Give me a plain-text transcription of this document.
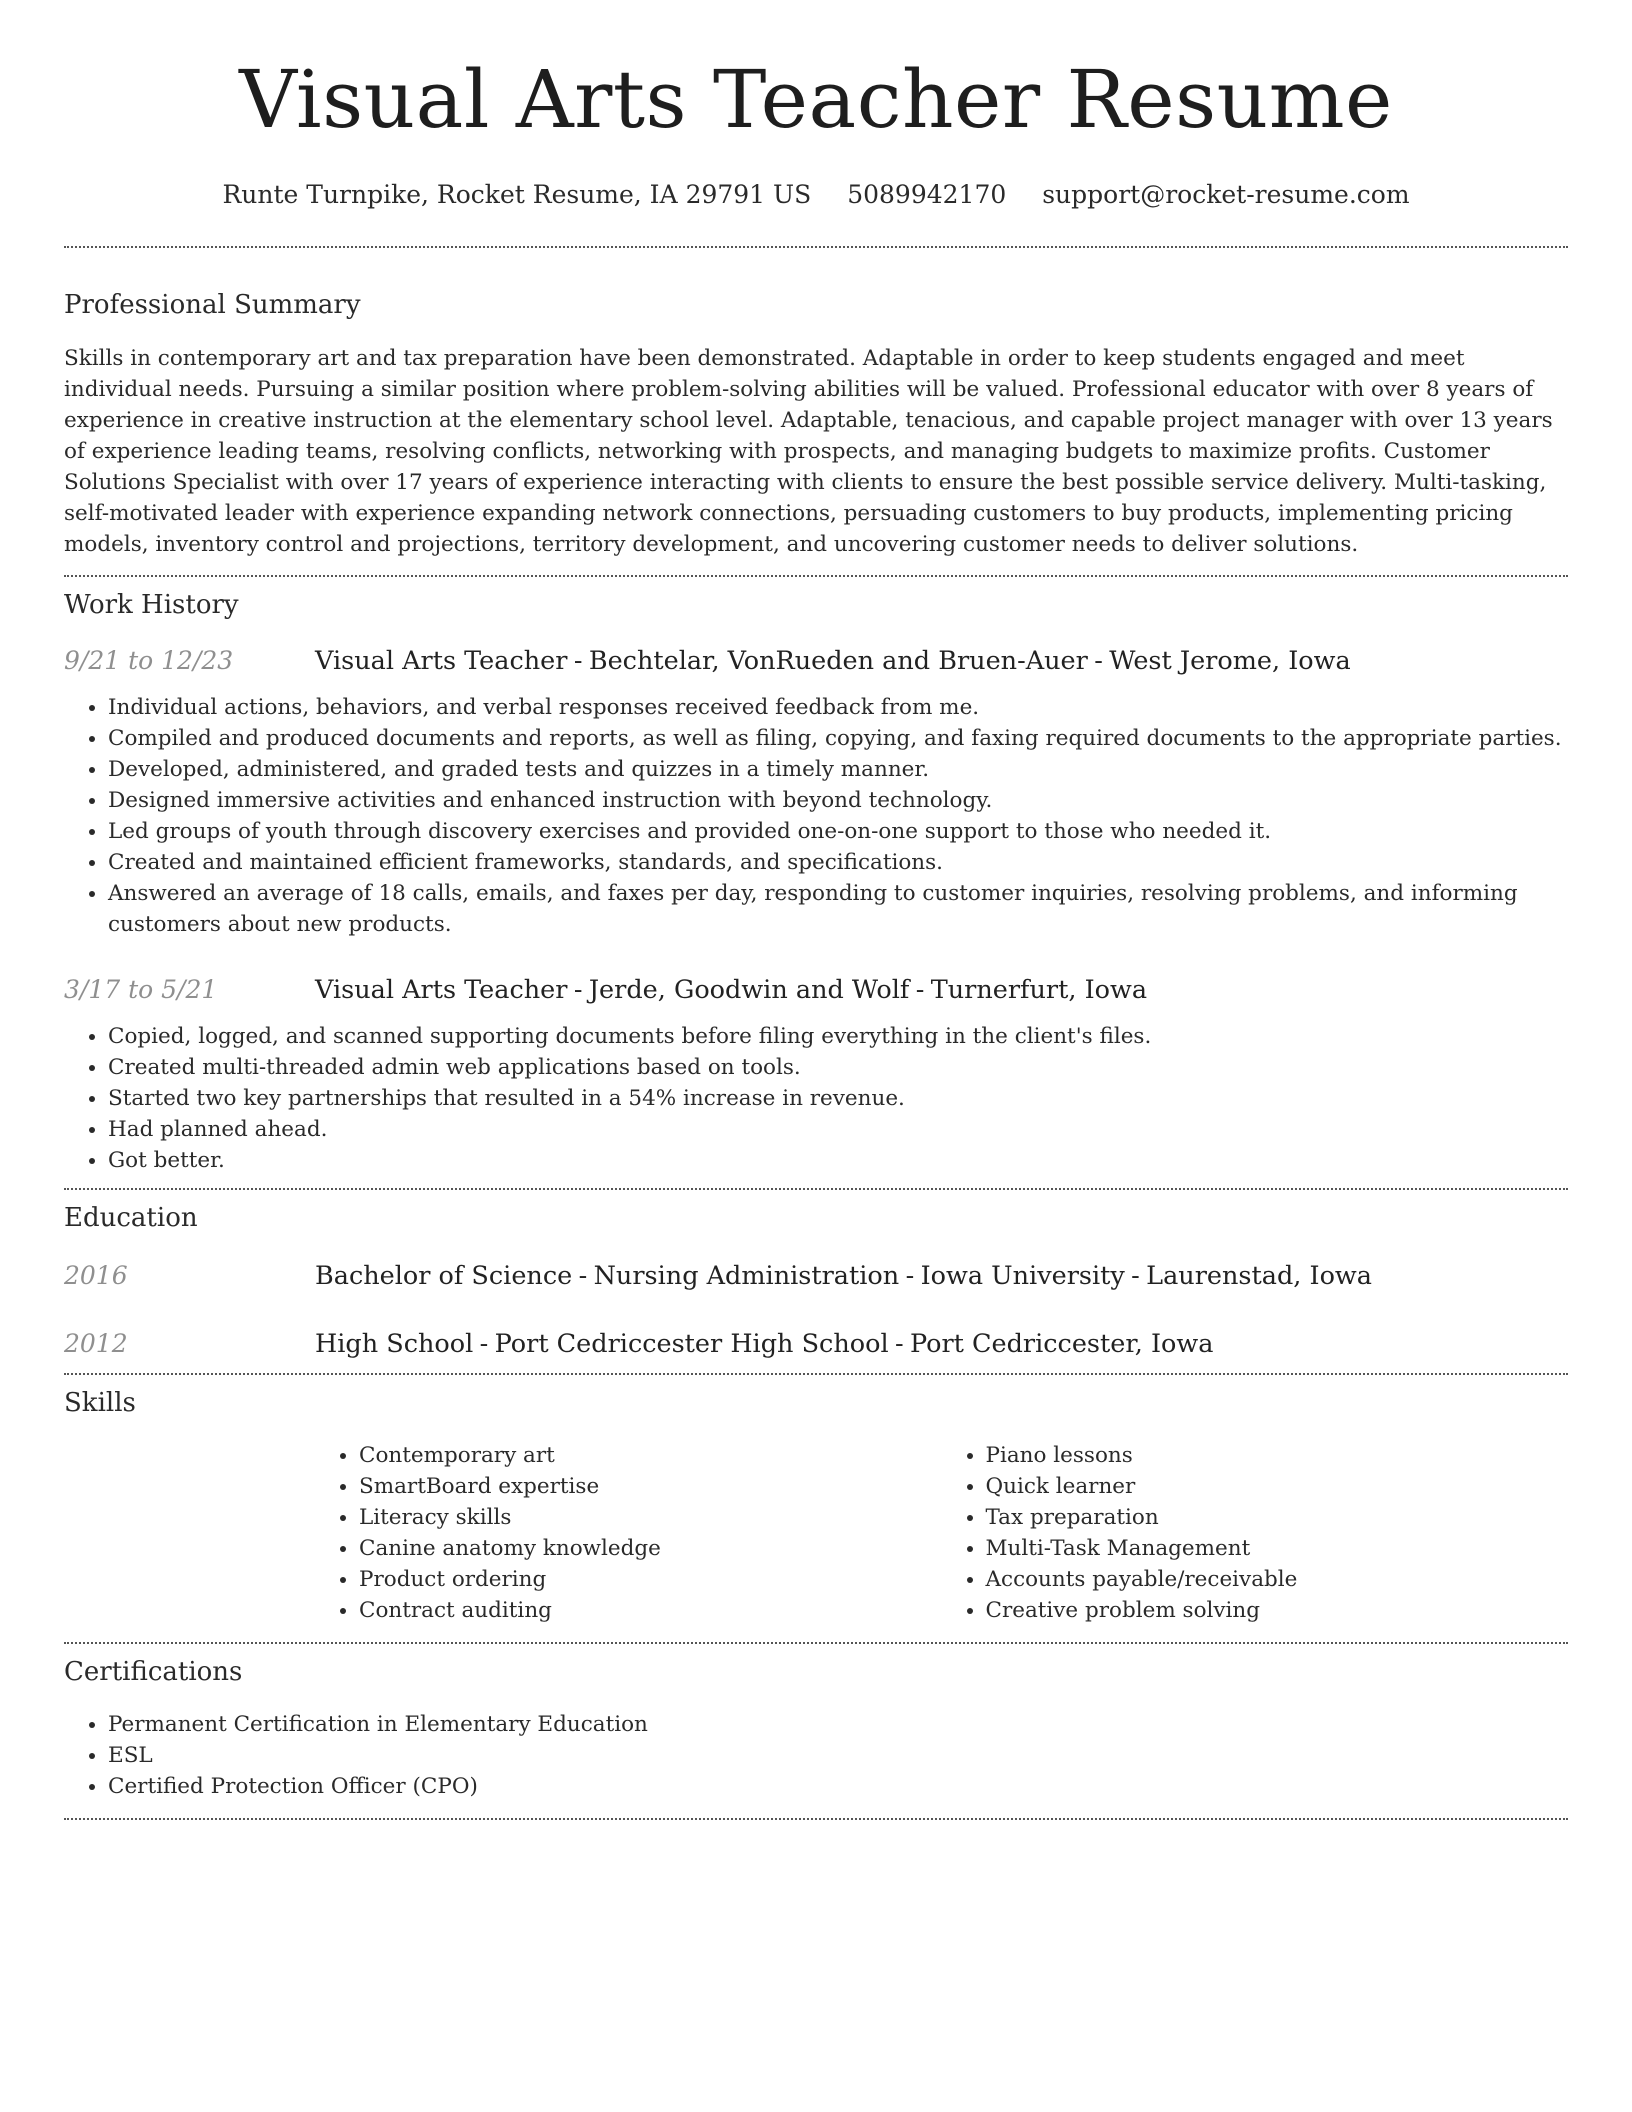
Visual Arts Teacher Resume
Runte Turnpike, Rocket Resume, IA 29791 US 5089942170 support@rocket-resume.com
Professional Summary

Skills in contemporary art and tax preparation have been demonstrated. Adaptable in order to keep students engaged and meet individual needs. Pursuing a similar position where problem-solving abilities will be valued. Professional educator with over 8 years of experience in creative instruction at the elementary school level. Adaptable, tenacious, and capable project manager with over 13 years of experience leading teams, resolving conflicts, networking with prospects, and managing budgets to maximize profits. Customer Solutions Specialist with over 17 years of experience interacting with clients to ensure the best possible service delivery. Multi-tasking, self-motivated leader with experience expanding network connections, persuading customers to buy products, implementing pricing models, inventory control and projections, territory development, and uncovering customer needs to deliver solutions.

Work History
9/21 to 12/23	Visual Arts Teacher - Bechtelar, VonRueden and Bruen-Auer - West Jerome, Iowa
• Individual actions, behaviors, and verbal responses received feedback from me.
• Compiled and produced documents and reports, as well as filing, copying, and faxing required documents to the appropriate parties.
• Developed, administered, and graded tests and quizzes in a timely manner.
• Designed immersive activities and enhanced instruction with beyond technology.
• Led groups of youth through discovery exercises and provided one-on-one support to those who needed it.
• Created and maintained efficient frameworks, standards, and specifications.
• Answered an average of 18 calls, emails, and faxes per day, responding to customer inquiries, resolving problems, and informing customers about new products.
3/17 to 5/21	Visual Arts Teacher - Jerde, Goodwin and Wolf - Turnerfurt, Iowa
• Copied, logged, and scanned supporting documents before filing everything in the client's files.
• Created multi-threaded admin web applications based on tools.
• Started two key partnerships that resulted in a 54% increase in revenue.
• Had planned ahead.
• Got better.
Education
2016	Bachelor of Science - Nursing Administration - Iowa University - Laurenstad, Iowa
2012	High School - Port Cedriccester High School - Port Cedriccester, Iowa
Skills
• Contemporary art
• SmartBoard expertise
• Literacy skills
• Canine anatomy knowledge
• Product ordering
• Contract auditing
• Piano lessons
• Quick learner
• Tax preparation
• Multi-Task Management
• Accounts payable/receivable
• Creative problem solving
Certifications
• Permanent Certification in Elementary Education
• ESL
• Certified Protection Officer (CPO)
